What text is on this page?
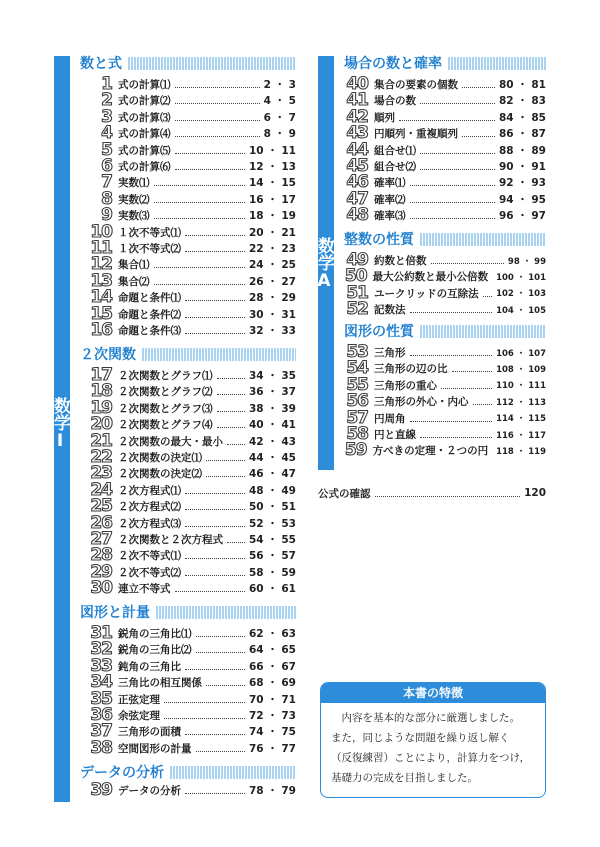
数学Ⅰ
数学A
数と式
２次関数
図形と計量
データの分析
場合の数と確率
整数の性質
図形の性質
1 式の計算⑴	2 ・ 3
2 式の計算⑵	4 ・ 5
3 式の計算⑶	6 ・ 7
4 式の計算⑷	8 ・ 9
5 式の計算⑸	10 ・ 11
6 式の計算⑹	12 ・ 13
7 実数⑴	14 ・ 15
8 実数⑵	16 ・ 17
9 実数⑶	18 ・ 19
10 １次不等式⑴	20 ・ 21
11 １次不等式⑵	22 ・ 23
12 集合⑴	24 ・ 25
13 集合⑵	26 ・ 27
14 命題と条件⑴	28 ・ 29
15 命題と条件⑵	30 ・ 31
16 命題と条件⑶	32 ・ 33
17 ２次関数とグラフ⑴	34 ・ 35
18 ２次関数とグラフ⑵	36 ・ 37
19 ２次関数とグラフ⑶	38 ・ 39
20 ２次関数とグラフ⑷	40 ・ 41
21 ２次関数の最大・最小 42 ・ 43
22 ２次関数の決定⑴	44 ・ 45
23 ２次関数の決定⑵	46 ・ 47
24 ２次方程式⑴	48 ・ 49
25 ２次方程式⑵	50 ・ 51
26 ２次方程式⑶	52 ・ 53
27 ２次関数と２次方程式 54 ・ 55
28 ２次不等式⑴	56 ・ 57
29 ２次不等式⑵	58 ・ 59
30 連立不等式	60 ・ 61
31 鋭角の三角比⑴	62 ・ 63
32 鋭角の三角比⑵	64 ・ 65
33 鈍角の三角比	66 ・ 67
34 三角比の相互関係	68 ・ 69
35 正弦定理	70 ・ 71
36 余弦定理	72 ・ 73
37 三角形の面積	74 ・ 75
38 空間図形の計量	76 ・ 77
39 データの分析	78 ・ 79
40 集合の要素の個数	80 ・ 81
41 場合の数	82 ・ 83
42 順列	84 ・ 85
43 円順列・重複順列	86 ・ 87
44 組合せ⑴	88 ・ 89
45 組合せ⑵	90 ・ 91
46 確率⑴	92 ・ 93
47 確率⑵	94 ・ 95
48 確率⑶	96 ・ 97
49 約数と倍数	98 ・ 99
50 最大公約数と最小公倍数 100 ・ 101
51 ユークリッドの互除法 102 ・ 103
52 記数法	104 ・ 105
53 三角形	106 ・ 107
54 三角形の辺の比	108 ・ 109
55 三角形の重心	110 ・ 111
56 三角形の外心・内心	112 ・ 113
57 円周角	114 ・ 115
58 円と直線	116 ・ 117
59 方べきの定理・２つの円 118 ・ 119
公式の確認	120
本書の特徴
　内容を基本的な部分に厳選しました。
また，同じような問題を繰り返し解く
（反復練習）ことにより，計算力をつけ，
基礎力の完成を目指しました。
